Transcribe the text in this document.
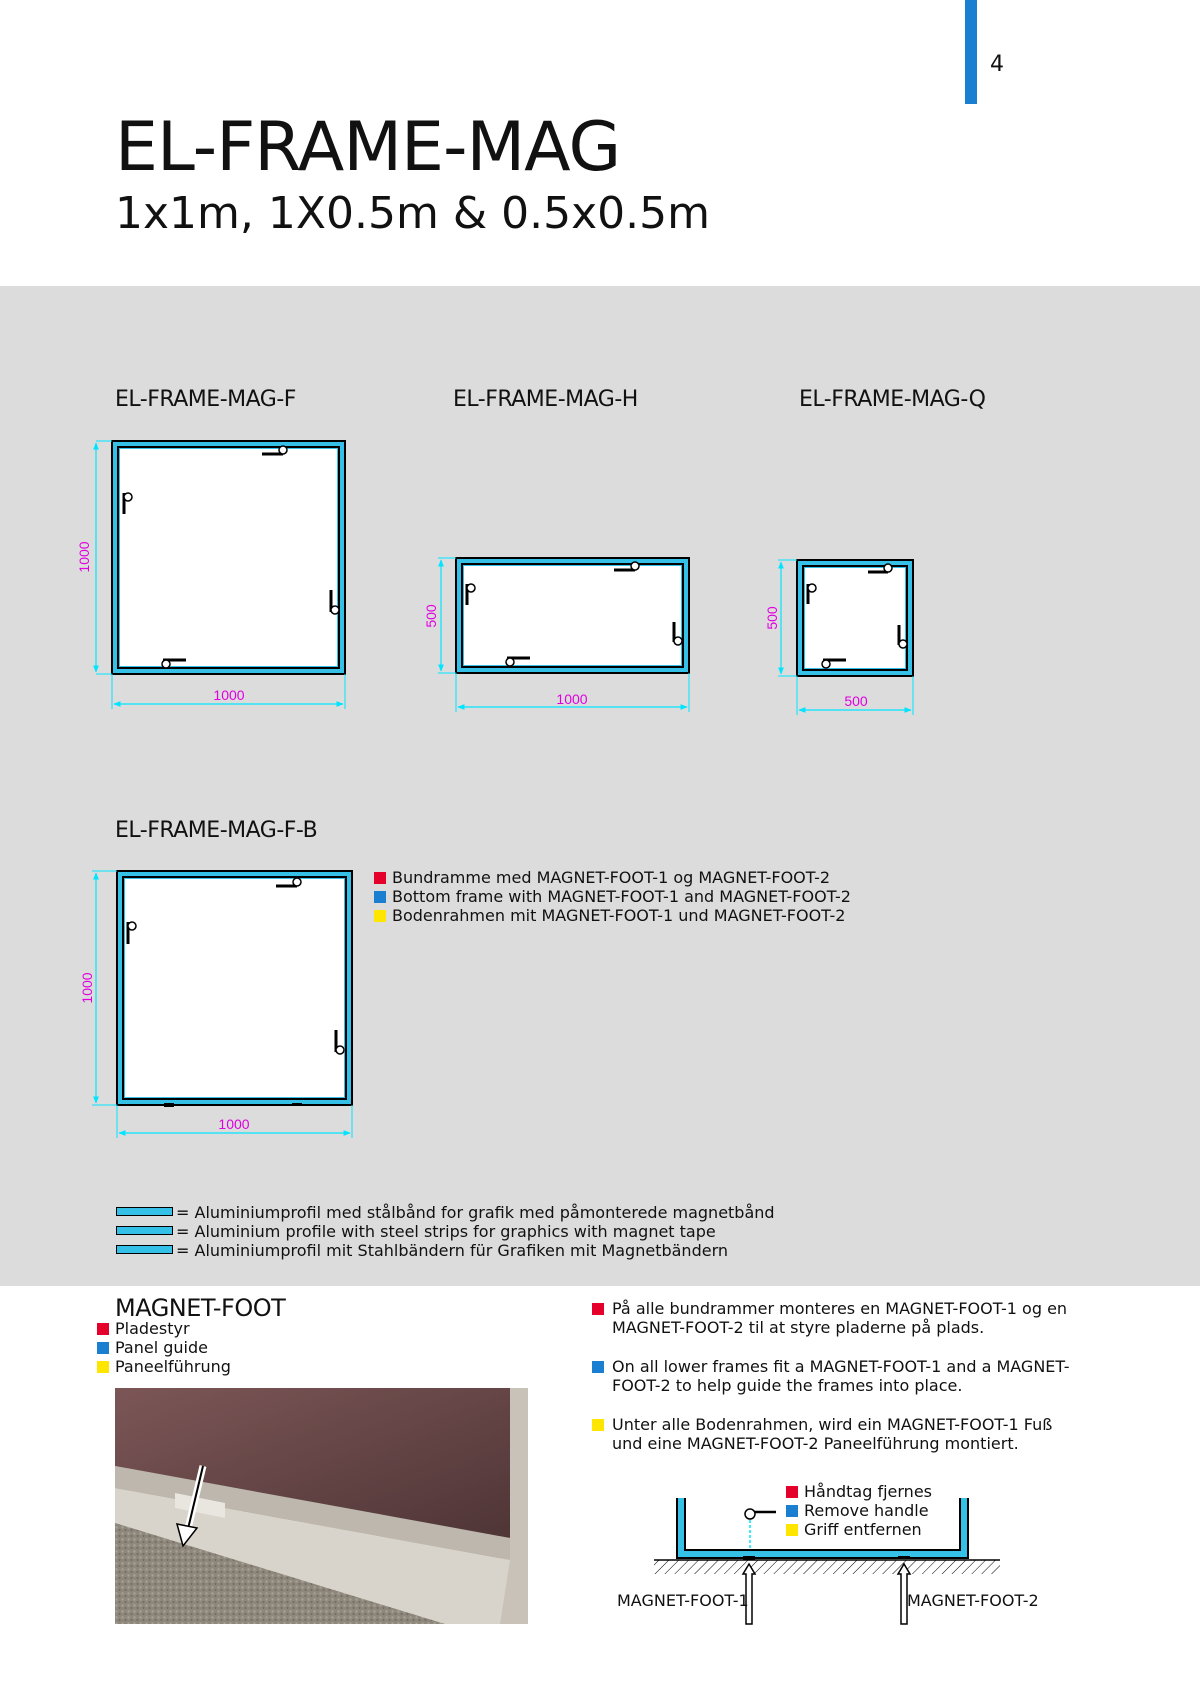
4
EL-FRAME-MAG
1x1m, 1X0.5m & 0.5x0.5m
EL-FRAME-MAG-F	EL-FRAME-MAG-H	EL-FRAME-MAG-Q
EL-FRAME-MAG-F-B
1000
1000
1000
500
500
500
1000
1000
Bundramme med MAGNET-FOOT-1 og MAGNET-FOOT-2
Bottom frame with MAGNET-FOOT-1 and MAGNET-FOOT-2
Bodenrahmen mit MAGNET-FOOT-1 und MAGNET-FOOT-2
= Aluminiumprofil med stålbånd for grafik med påmonterede magnetbånd
= Aluminium profile with steel strips for graphics with magnet tape
= Aluminiumprofil mit Stahlbändern für Grafiken mit Magnetbändern
MAGNET-FOOT
Pladestyr
Panel guide
Paneelführung
På alle bundrammer monteres en MAGNET-FOOT-1 og en MAGNET-FOOT-2 til at styre pladerne på plads.
On all lower frames fit a MAGNET-FOOT-1 and a MAGNET-FOOT-2 to help guide the frames into place.
Unter alle Bodenrahmen, wird ein MAGNET-FOOT-1 Fuß und eine MAGNET-FOOT-2 Paneelführung montiert.
Håndtag fjernes
Remove handle
Griff entfernen
MAGNET-FOOT-1	MAGNET-FOOT-2
